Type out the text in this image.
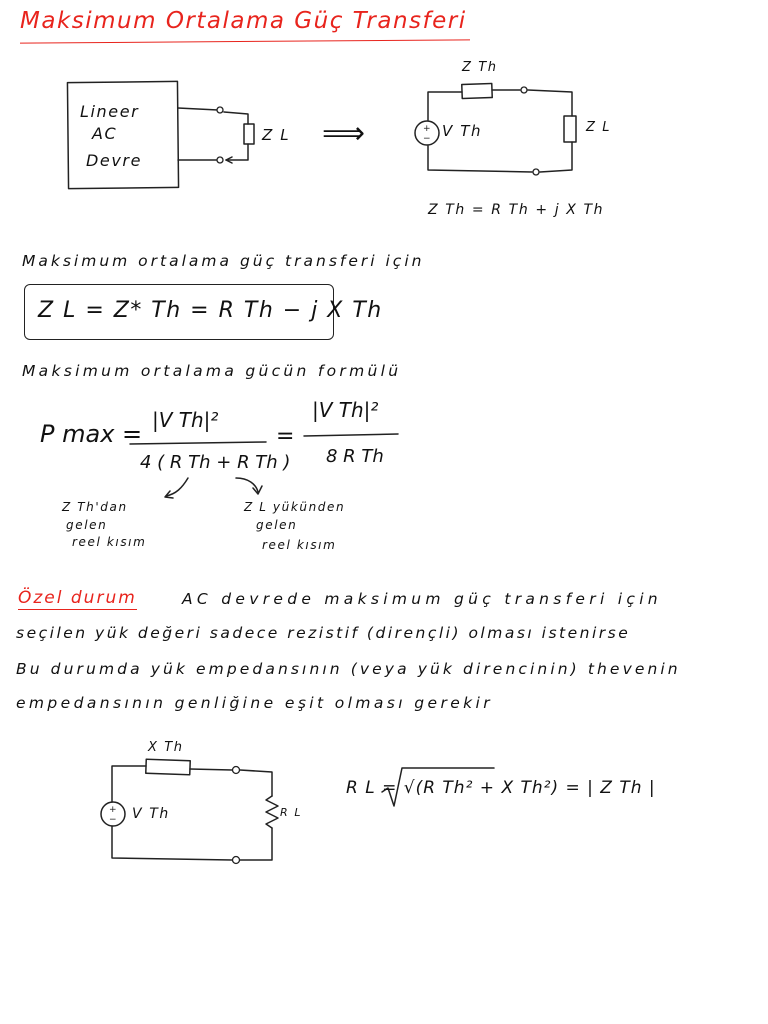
Maksimum Ortalama Güç Transferi
+
−
+
−
Lineer
AC
Devre
Z L ⟹
Z Th
V Th	Z L
Z Th = R Th + j X Th
Maksimum ortalama güç transferi için
Z L = Z* Th = R Th − j X Th
Maksimum ortalama gücün formülü
P max = |V Th|²
4 ( R Th + R Th )
=
|V Th|²
8 R Th
Z Th'dan
gelen
reel kısım
Z L yükünden
gelen
reel kısım
Özel durum	AC devrede maksimum güç transferi için
seçilen yük değeri sadece rezistif (dirençli) olması istenirse
Bu durumda yük empedansının (veya yük direncinin) thevenin
empedansının genliğine eşit olması gerekir
X Th
V Th	R L
R L = √(R Th² + X Th²) = | Z Th |
